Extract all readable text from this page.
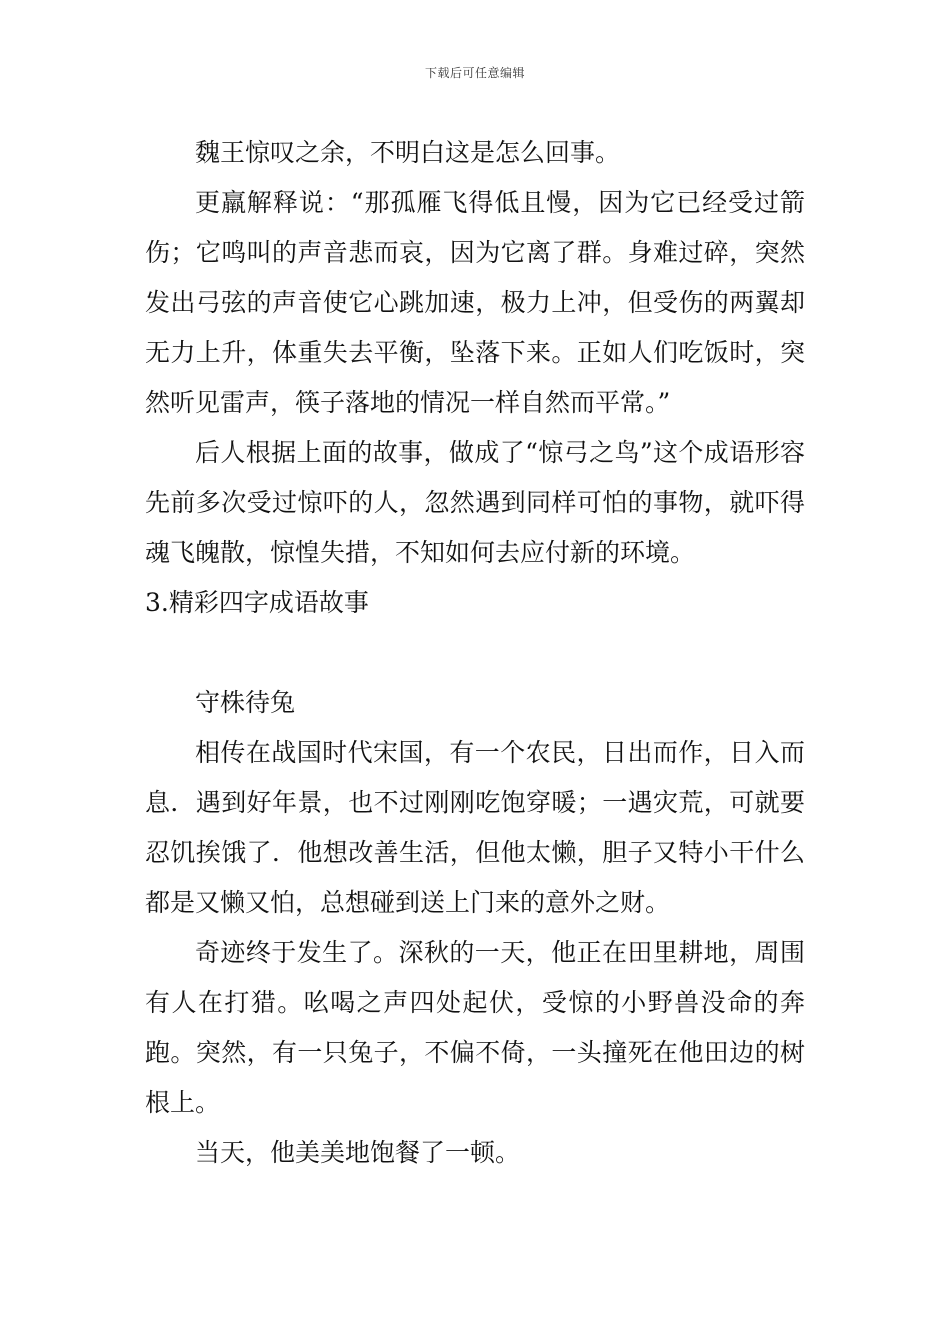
下载后可任意编辑

魏王惊叹之余，不明白这是怎么回事。

更羸解释说：“那孤雁飞得低且慢，因为它已经受过箭伤；它鸣叫的声音悲而哀，因为它离了群。身难过碎，突然发出弓弦的声音使它心跳加速，极力上冲，但受伤的两翼却无力上升，体重失去平衡，坠落下来。正如人们吃饭时，突然听见雷声，筷子落地的情况一样自然而平常。”

后人根据上面的故事，做成了“惊弓之鸟”这个成语形容先前多次受过惊吓的人，忽然遇到同样可怕的事物，就吓得魂飞魄散，惊惶失措，不知如何去应付新的环境。

3.精彩四字成语故事

守株待兔

相传在战国时代宋国，有一个农民，日出而作，日入而息．遇到好年景，也不过刚刚吃饱穿暖；一遇灾荒，可就要忍饥挨饿了．他想改善生活，但他太懒，胆子又特小干什么都是又懒又怕，总想碰到送上门来的意外之财。

奇迹终于发生了。深秋的一天，他正在田里耕地，周围有人在打猎。吆喝之声四处起伏，受惊的小野兽没命的奔跑。突然，有一只兔子，不偏不倚，一头撞死在他田边的树根上。

当天，他美美地饱餐了一顿。
